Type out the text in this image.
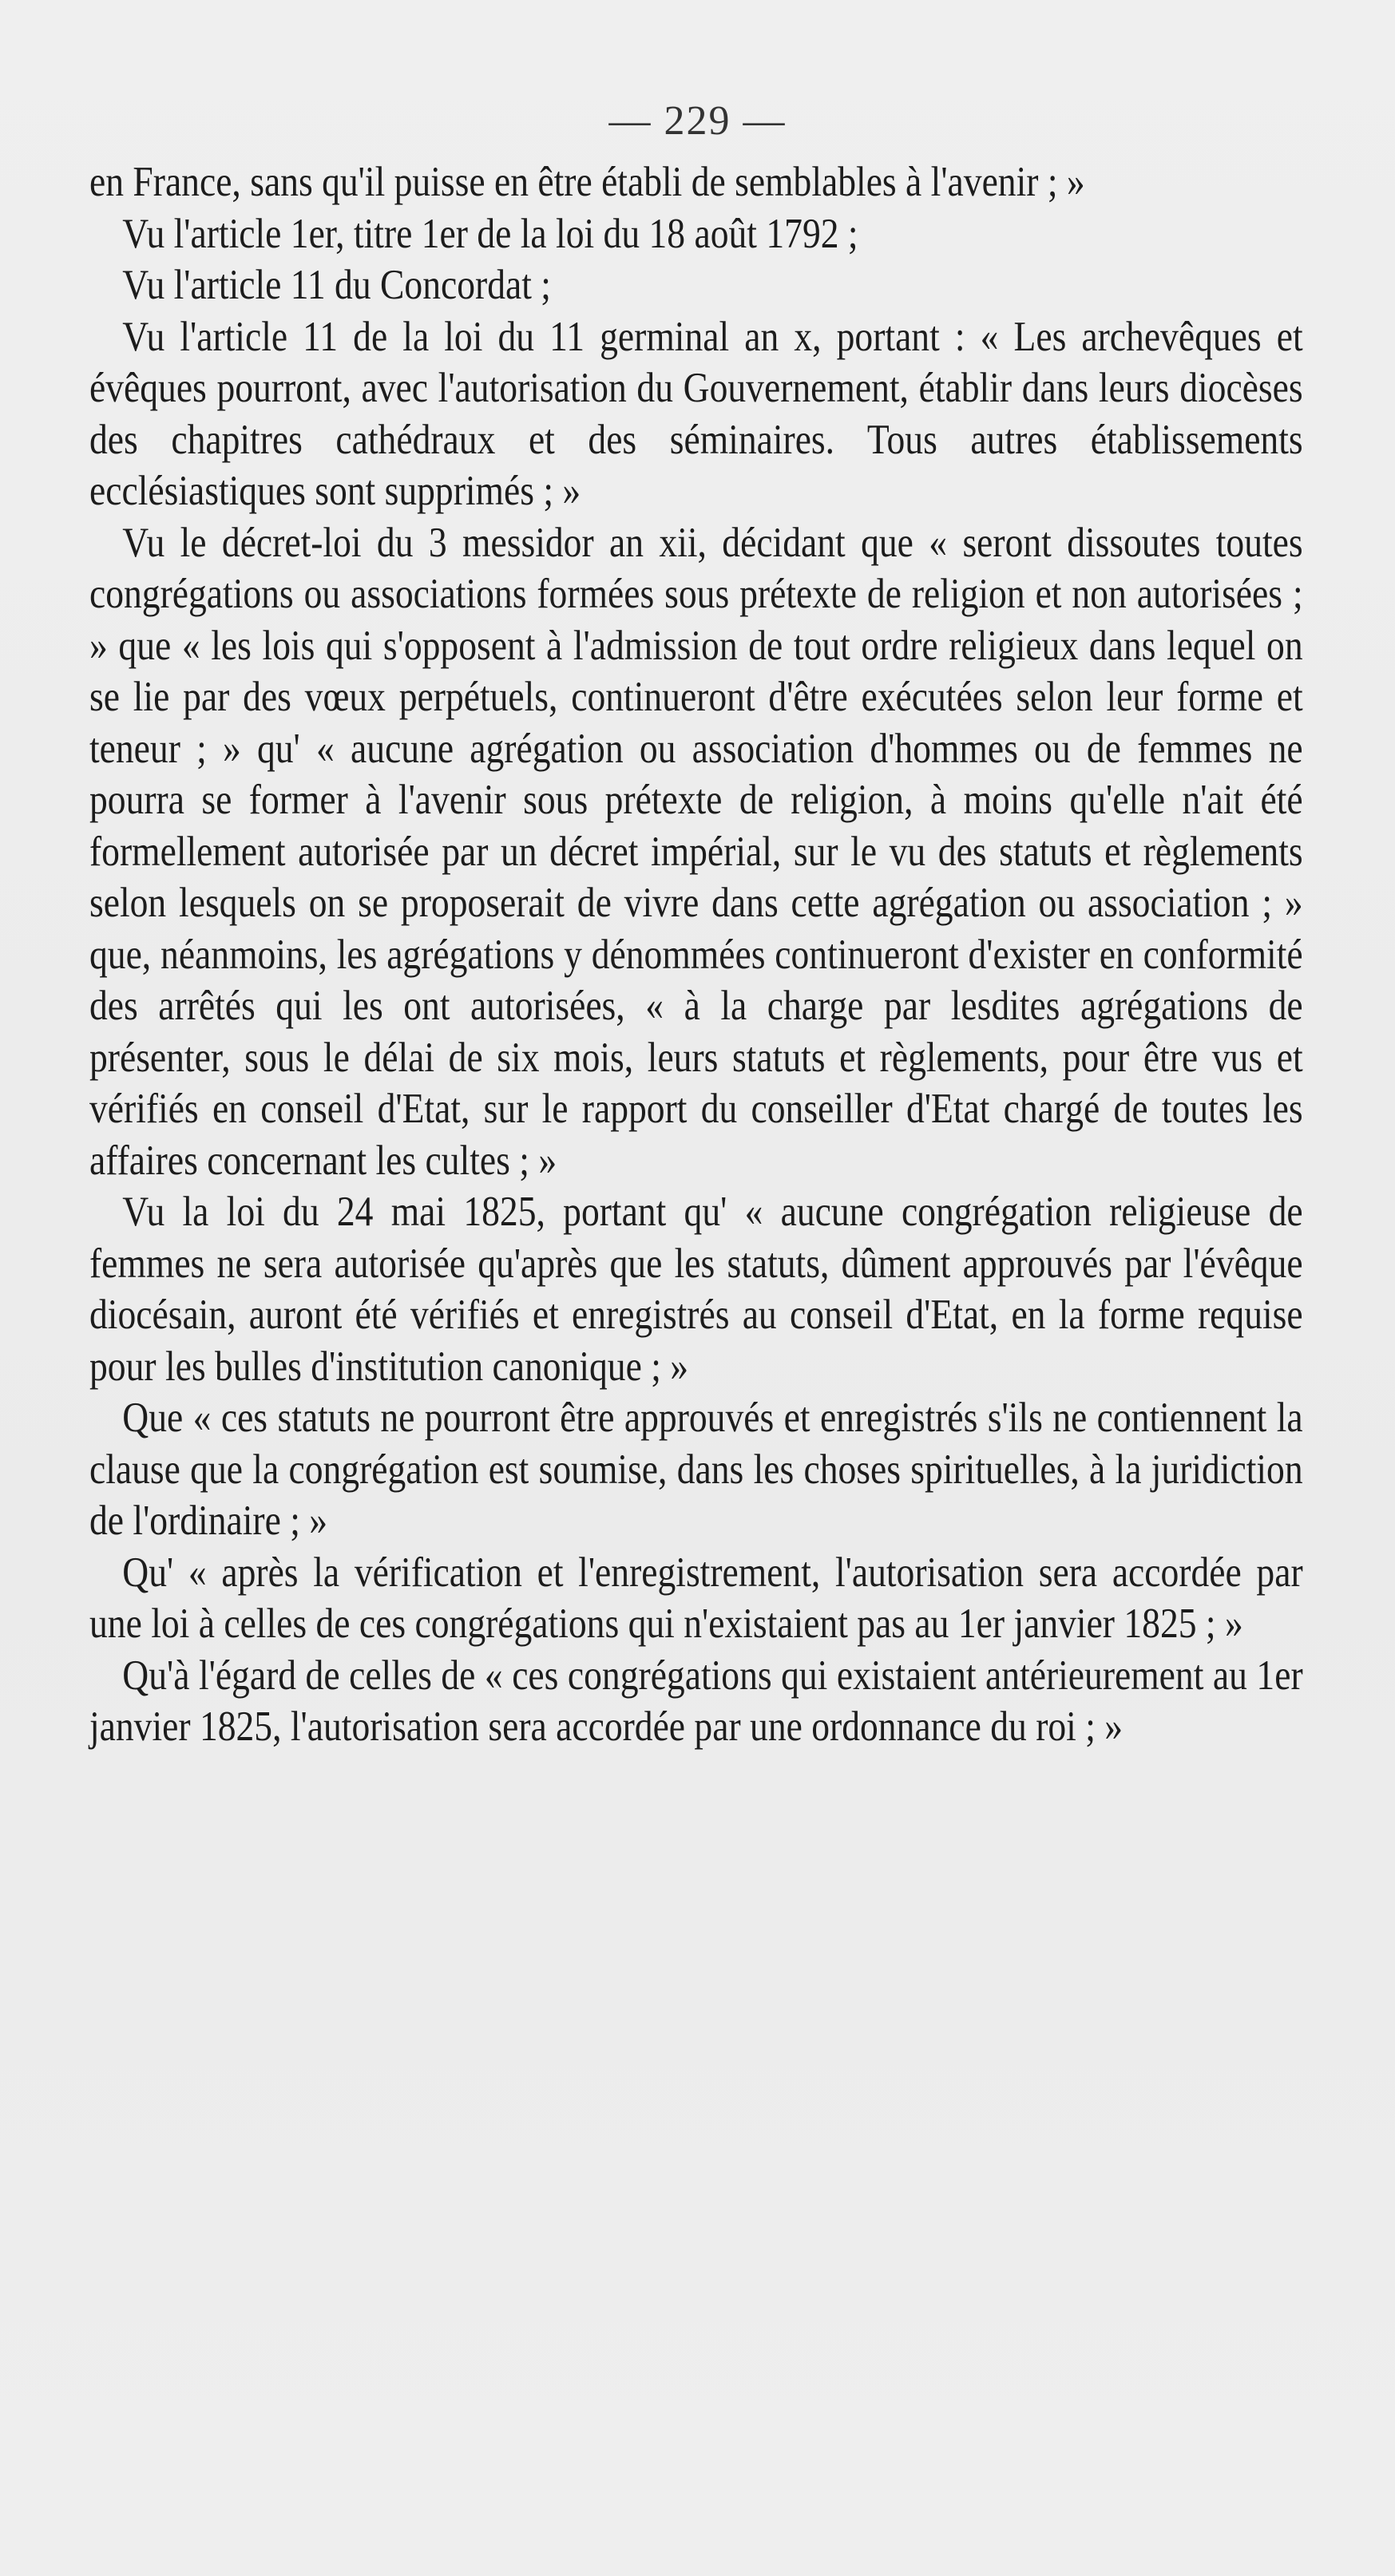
— 229 —

en France, sans qu'il puisse en être établi de semblables à l'avenir ; »

Vu l'article 1er, titre 1er de la loi du 18 août 1792 ;

Vu l'article 11 du Concordat ;

Vu l'article 11 de la loi du 11 germinal an x, portant : « Les archevêques et évêques pourront, avec l'autorisation du Gouvernement, établir dans leurs diocèses des chapitres cathédraux et des séminaires. Tous autres établissements ecclésiastiques sont supprimés ; »

Vu le décret-loi du 3 messidor an xii, décidant que « seront dissoutes toutes congrégations ou associations formées sous prétexte de religion et non autorisées ; » que « les lois qui s'opposent à l'admission de tout ordre religieux dans lequel on se lie par des vœux perpétuels, continueront d'être exécutées selon leur forme et teneur ; » qu' « aucune agrégation ou association d'hommes ou de femmes ne pourra se former à l'avenir sous prétexte de religion, à moins qu'elle n'ait été formellement autorisée par un décret impérial, sur le vu des statuts et règlements selon lesquels on se proposerait de vivre dans cette agrégation ou association ; » que, néanmoins, les agrégations y dénommées continueront d'exister en conformité des arrêtés qui les ont autorisées, « à la charge par lesdites agrégations de présenter, sous le délai de six mois, leurs statuts et règlements, pour être vus et vérifiés en conseil d'Etat, sur le rapport du conseiller d'Etat chargé de toutes les affaires concernant les cultes ; »

Vu la loi du 24 mai 1825, portant qu' « aucune congrégation religieuse de femmes ne sera autorisée qu'après que les statuts, dûment approuvés par l'évêque diocésain, auront été vérifiés et enregistrés au conseil d'Etat, en la forme requise pour les bulles d'institution canonique ; »

Que « ces statuts ne pourront être approuvés et enregistrés s'ils ne contiennent la clause que la congrégation est soumise, dans les choses spirituelles, à la juridiction de l'ordinaire ; »

Qu' « après la vérification et l'enregistrement, l'autorisation sera accordée par une loi à celles de ces congrégations qui n'existaient pas au 1er janvier 1825 ; »

Qu'à l'égard de celles de « ces congrégations qui existaient antérieurement au 1er janvier 1825, l'autorisation sera accordée par une ordonnance du roi ; »
